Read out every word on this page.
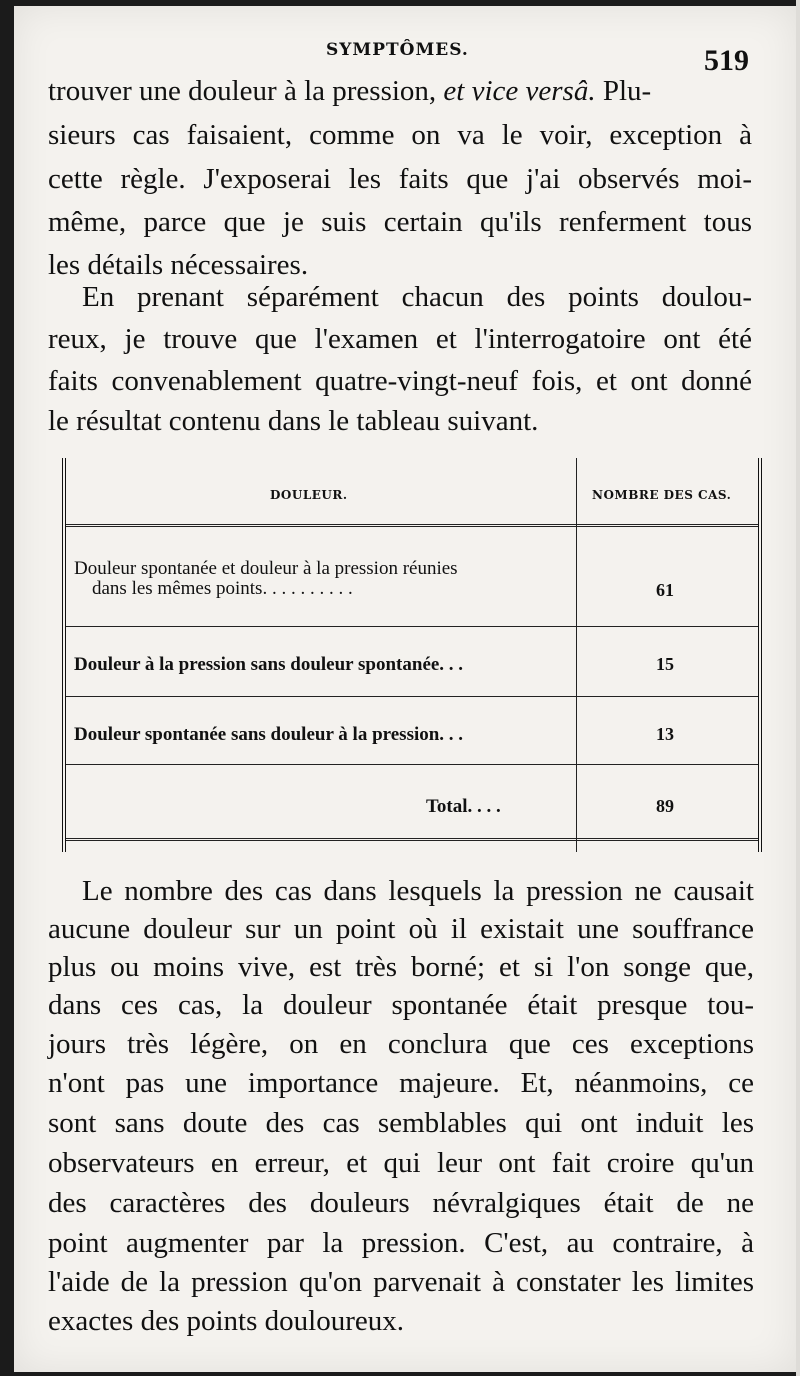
SYMPTÔMES.	519
trouver une douleur à la pression, et vice versâ. Plu-
sieurs cas faisaient, comme on va le voir, exception à
cette règle. J'exposerai les faits que j'ai observés moi-
même, parce que je suis certain qu'ils renferment tous
les détails nécessaires.
En prenant séparément chacun des points doulou-
reux, je trouve que l'examen et l'interrogatoire ont été
faits convenablement quatre-vingt-neuf fois, et ont donné
le résultat contenu dans le tableau suivant.
DOULEUR.	NOMBRE DES CAS.
Douleur spontanée et douleur à la pression réunies
dans les mêmes points. . . . . . . . . .	61
Douleur à la pression sans douleur spontanée. . .	15
Douleur spontanée sans douleur à la pression. . .	13
Total. . . .	89
Le nombre des cas dans lesquels la pression ne causait
aucune douleur sur un point où il existait une souffrance
plus ou moins vive, est très borné; et si l'on songe que,
dans ces cas, la douleur spontanée était presque tou-
jours très légère, on en conclura que ces exceptions
n'ont pas une importance majeure. Et, néanmoins, ce
sont sans doute des cas semblables qui ont induit les
observateurs en erreur, et qui leur ont fait croire qu'un
des caractères des douleurs névralgiques était de ne
point augmenter par la pression. C'est, au contraire, à
l'aide de la pression qu'on parvenait à constater les limites
exactes des points douloureux.
